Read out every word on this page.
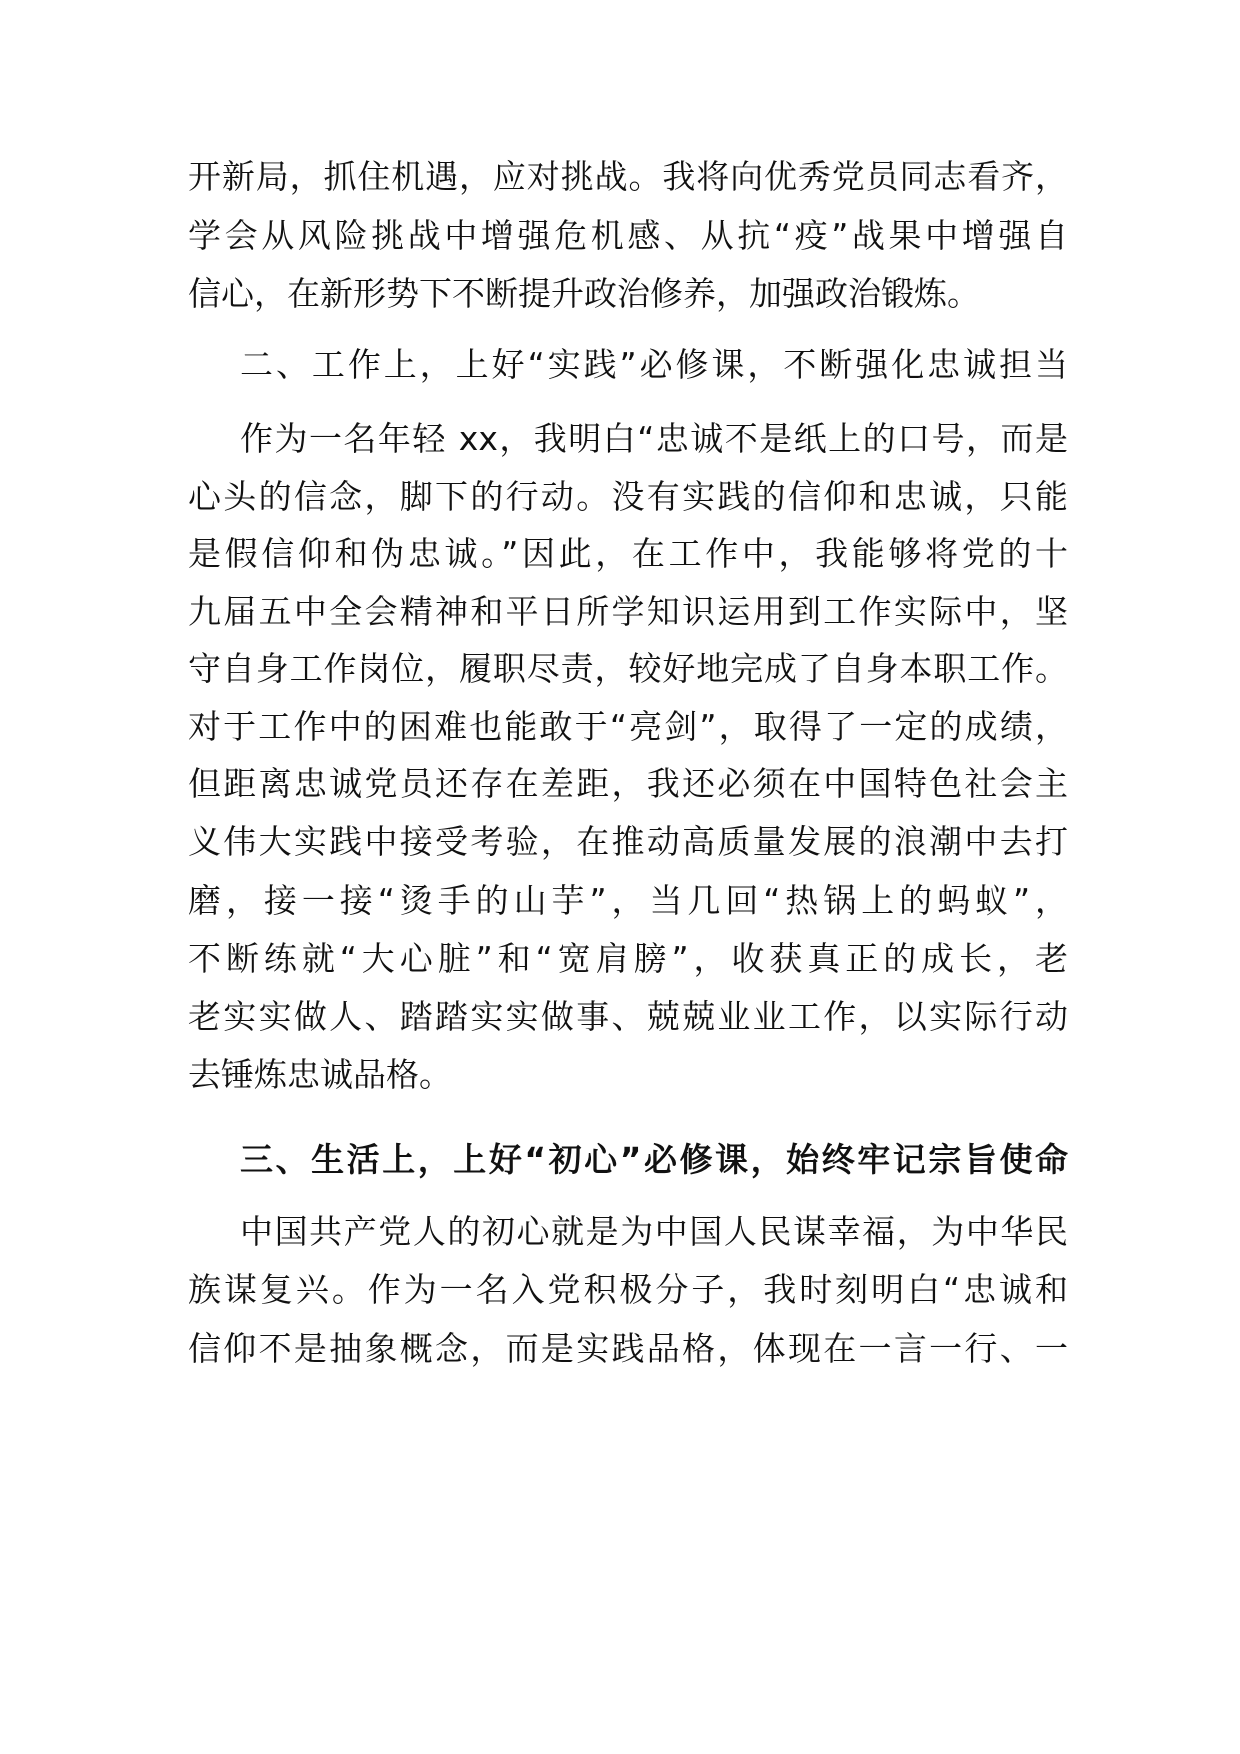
开新局，抓住机遇，应对挑战。我将向优秀党员同志看齐，
学会从风险挑战中增强危机感、从抗“疫”战果中增强自
信心，在新形势下不断提升政治修养，加强政治锻炼。
二、工作上，上好“实践”必修课，不断强化忠诚担当
作为一名年轻 xx，我明白“忠诚不是纸上的口号，而是
心头的信念，脚下的行动。没有实践的信仰和忠诚，只能
是假信仰和伪忠诚。”因此，在工作中，我能够将党的十
九届五中全会精神和平日所学知识运用到工作实际中，坚
守自身工作岗位，履职尽责，较好地完成了自身本职工作。
对于工作中的困难也能敢于“亮剑”，取得了一定的成绩，
但距离忠诚党员还存在差距，我还必须在中国特色社会主
义伟大实践中接受考验，在推动高质量发展的浪潮中去打
磨，接一接“烫手的山芋”，当几回“热锅上的蚂蚁”，
不断练就“大心脏”和“宽肩膀”，收获真正的成长，老
老实实做人、踏踏实实做事、兢兢业业工作，以实际行动
去锤炼忠诚品格。
三、生活上，上好“初心”必修课，始终牢记宗旨使命
中国共产党人的初心就是为中国人民谋幸福，为中华民
族谋复兴。作为一名入党积极分子，我时刻明白“忠诚和
信仰不是抽象概念，而是实践品格，体现在一言一行、一
